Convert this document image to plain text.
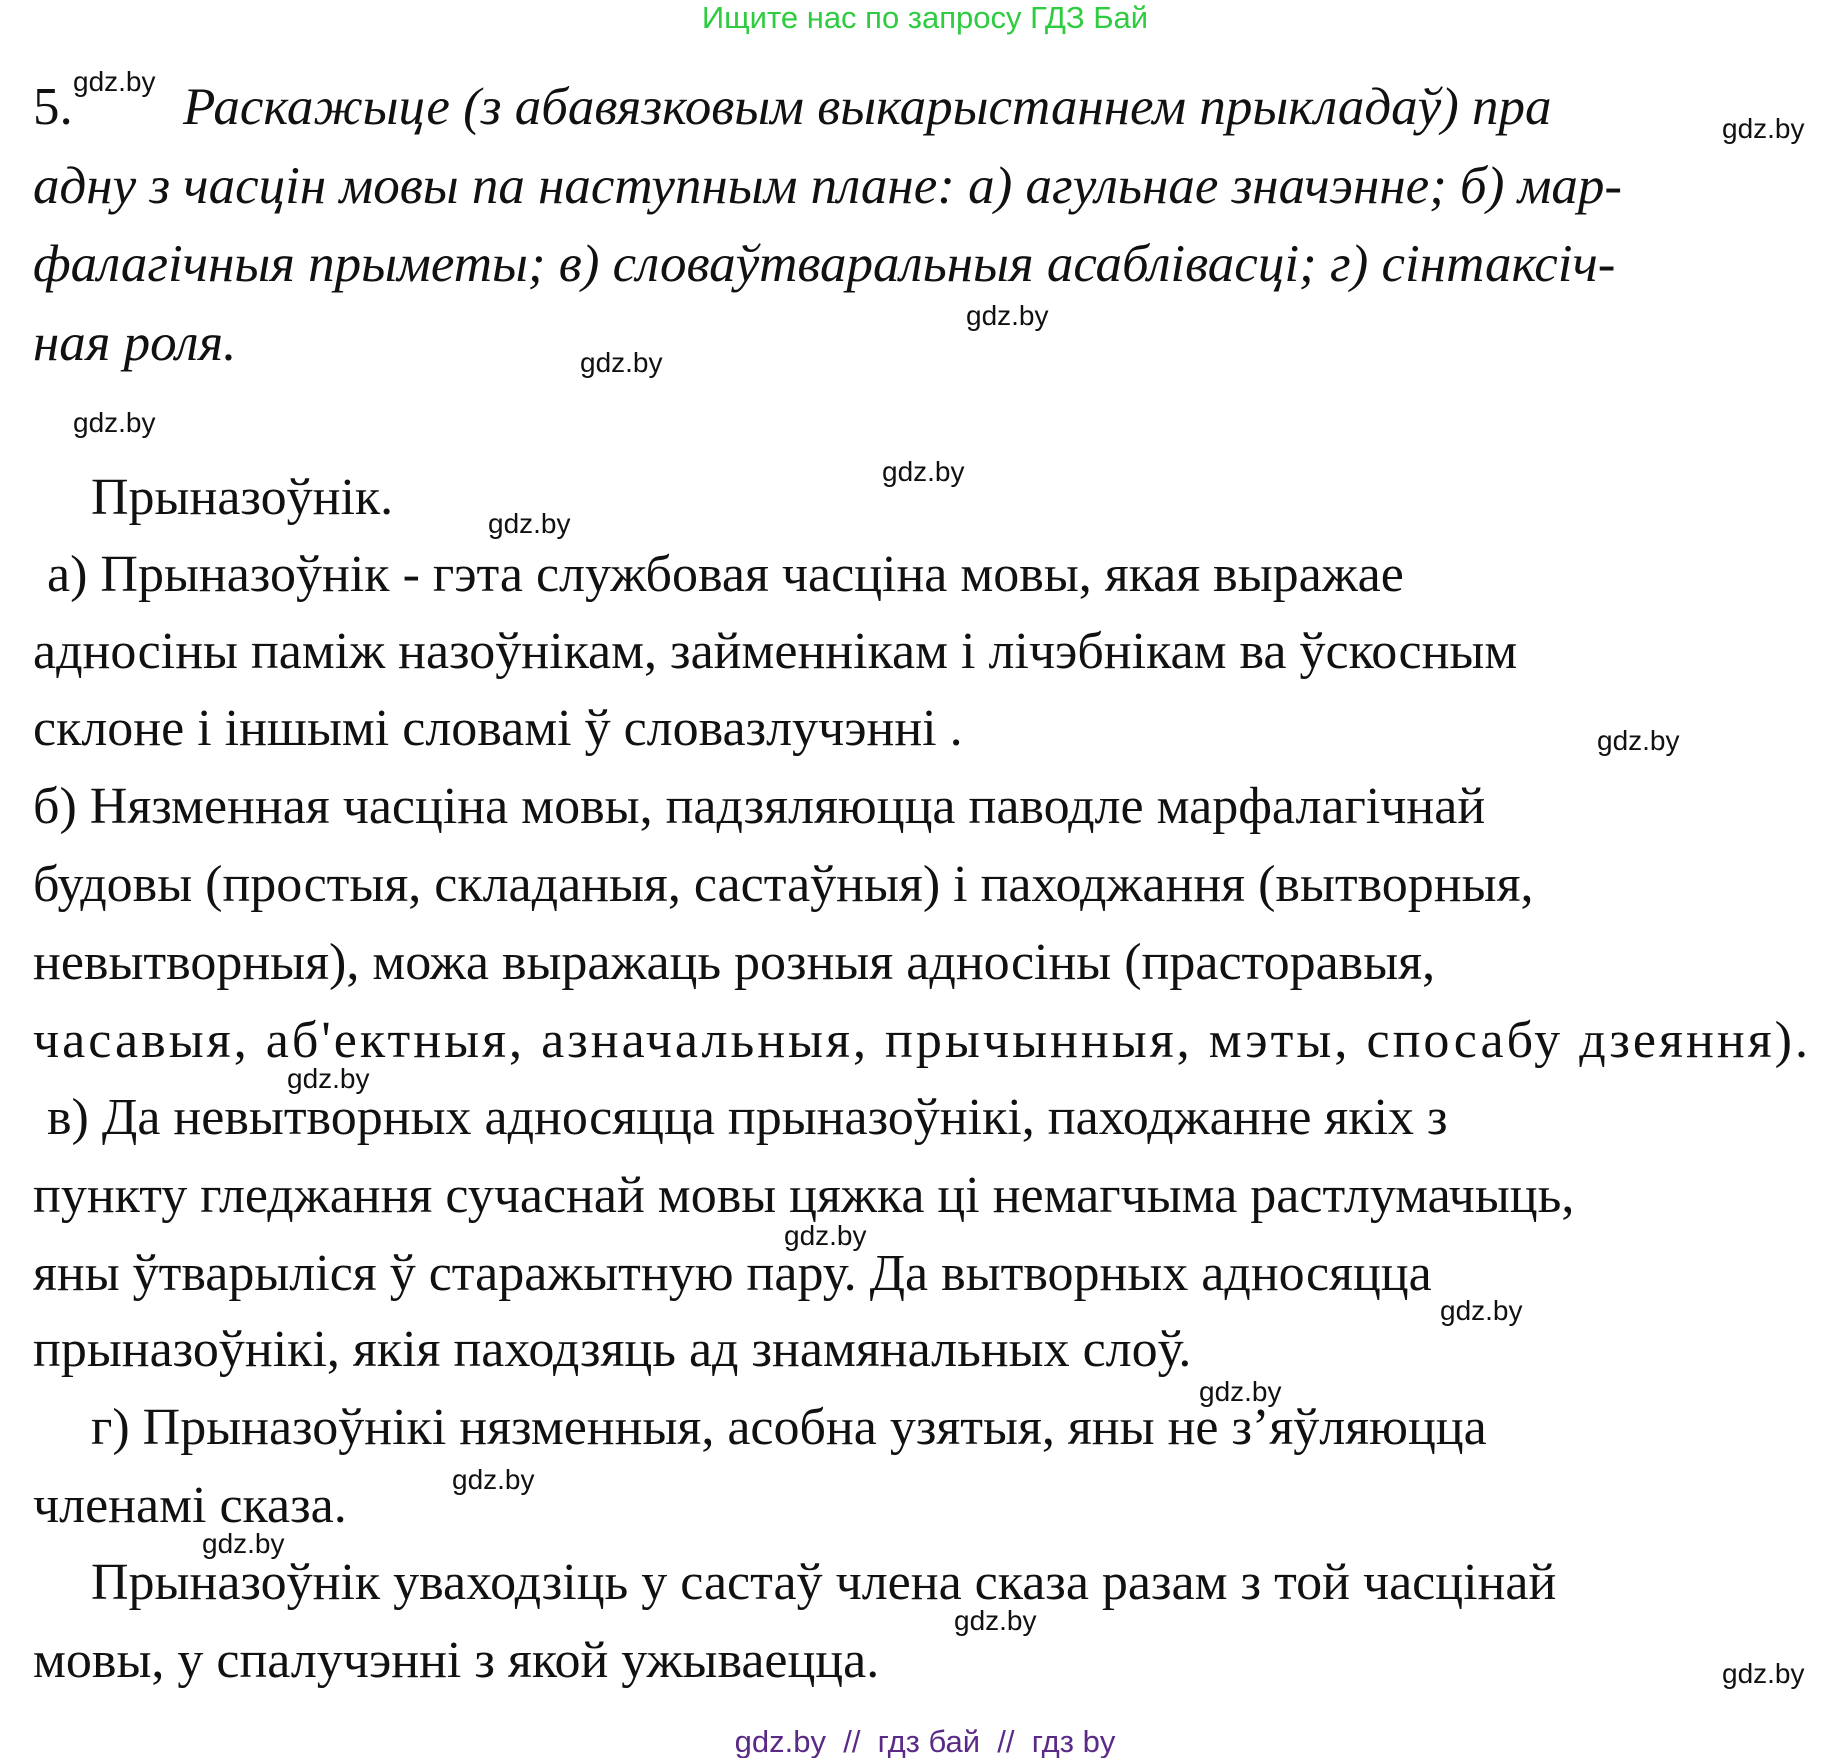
Ищите нас по запросу ГДЗ Бай
5. Раскажыце (з абавязковым выкарыстаннем прыкладаў) пра
адну з часцін мовы па наступным плане: а) агульнае значэнне; б) мар-
фалагічныя прыметы; в) словаўтваральныя асаблівасці; г) сінтаксіч-
ная роля.
Прыназоўнік.
а) Прыназоўнік - гэта службовая часціна мовы, якая выражае
адносіны паміж назоўнікам, займеннікам і лічэбнікам ва ўскосным
склоне і іншымі словамі ў словазлучэнні .
б) Нязменная часціна мовы, падзяляюцца паводле марфалагічнай
будовы (простыя, складаныя, састаўныя) і паходжання (вытворныя,
невытворныя), можа выражаць розныя адносіны (прасторавыя,
часавыя, аб'ектныя, азначальныя, прычынныя, мэты, спосабу дзеяння).
в) Да невытворных адносяцца прыназоўнікі, паходжанне якіх з
пункту гледжання сучаснай мовы цяжка ці немагчыма растлумачыць,
яны ўтварыліся ў старажытную пару. Да вытворных адносяцца
прыназоўнікі, якія паходзяць ад знамянальных слоў.
г) Прыназоўнікі нязменныя, асобна узятыя, яны не з’яўляюцца
членамі сказа.
Прыназоўнік уваходзіць у састаў члена сказа разам з той часцінай
мовы, у спалучэнні з якой ужываецца.
gdz.by
gdz.by
gdz.by
gdz.by
gdz.by
gdz.by
gdz.by
gdz.by
gdz.by
gdz.by
gdz.by
gdz.by
gdz.by
gdz.by
gdz.by
gdz.by
gdz.by  //  гдз бай  //  гдз by
